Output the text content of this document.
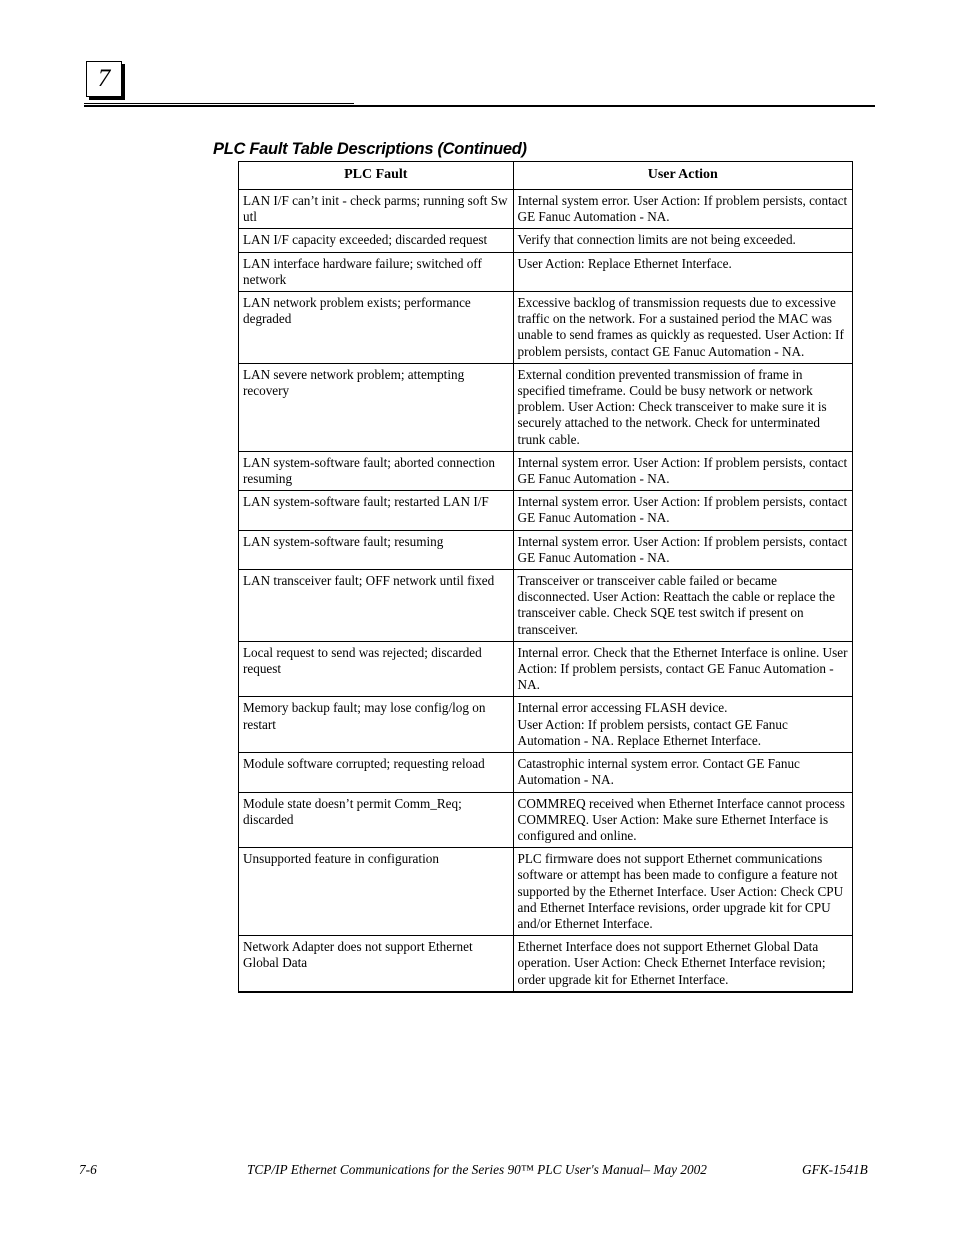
7
PLC Fault Table Descriptions (Continued)
PLC Fault	User Action
LAN I/F can’t init - check parms; running soft Sw utl	Internal system error. User Action: If problem persists, contact GE Fanuc Automation - NA.
LAN I/F capacity exceeded; discarded request	Verify that connection limits are not being exceeded.
LAN interface hardware failure; switched off network	User Action: Replace Ethernet Interface.
LAN network problem exists; performance degraded	Excessive backlog of transmission requests due to excessive traffic on the network. For a sustained period the MAC was unable to send frames as quickly as requested. User Action: If problem persists, contact GE Fanuc Automation - NA.
LAN severe network problem; attempting recovery	External condition prevented transmission of frame in specified timeframe. Could be busy network or network problem. User Action: Check transceiver to make sure it is securely attached to the network. Check for unterminated trunk cable.
LAN system-software fault; aborted connection resuming	Internal system error. User Action: If problem persists, contact GE Fanuc Automation - NA.
LAN system-software fault; restarted LAN I/F	Internal system error. User Action: If problem persists, contact GE Fanuc Automation - NA.
LAN system-software fault; resuming	Internal system error. User Action: If problem persists, contact GE Fanuc Automation - NA.
LAN transceiver fault; OFF network until fixed	Transceiver or transceiver cable failed or became disconnected. User Action: Reattach the cable or replace the transceiver cable. Check SQE test switch if present on transceiver.
Local request to send was rejected; discarded request	Internal error. Check that the Ethernet Interface is online. User Action: If problem persists, contact GE Fanuc Automation - NA.
Memory backup fault; may lose config/log on restart	Internal error accessing FLASH device.
User Action: If problem persists, contact GE Fanuc Automation - NA. Replace Ethernet Interface.
Module software corrupted; requesting reload	Catastrophic internal system error. Contact GE Fanuc Automation - NA.
Module state doesn’t permit Comm_Req; discarded	COMMREQ received when Ethernet Interface cannot process COMMREQ. User Action: Make sure Ethernet Interface is configured and online.
Unsupported feature in configuration	PLC firmware does not support Ethernet communications software or attempt has been made to configure a feature not supported by the Ethernet Interface. User Action: Check CPU and Ethernet Interface revisions, order upgrade kit for CPU and/or Ethernet Interface.
Network Adapter does not support Ethernet Global Data	Ethernet Interface does not support Ethernet Global Data operation. User Action: Check Ethernet Interface revision; order upgrade kit for Ethernet Interface.
7-6	TCP/IP Ethernet Communications for the Series 90™ PLC User's Manual– May 2002	GFK-1541B
